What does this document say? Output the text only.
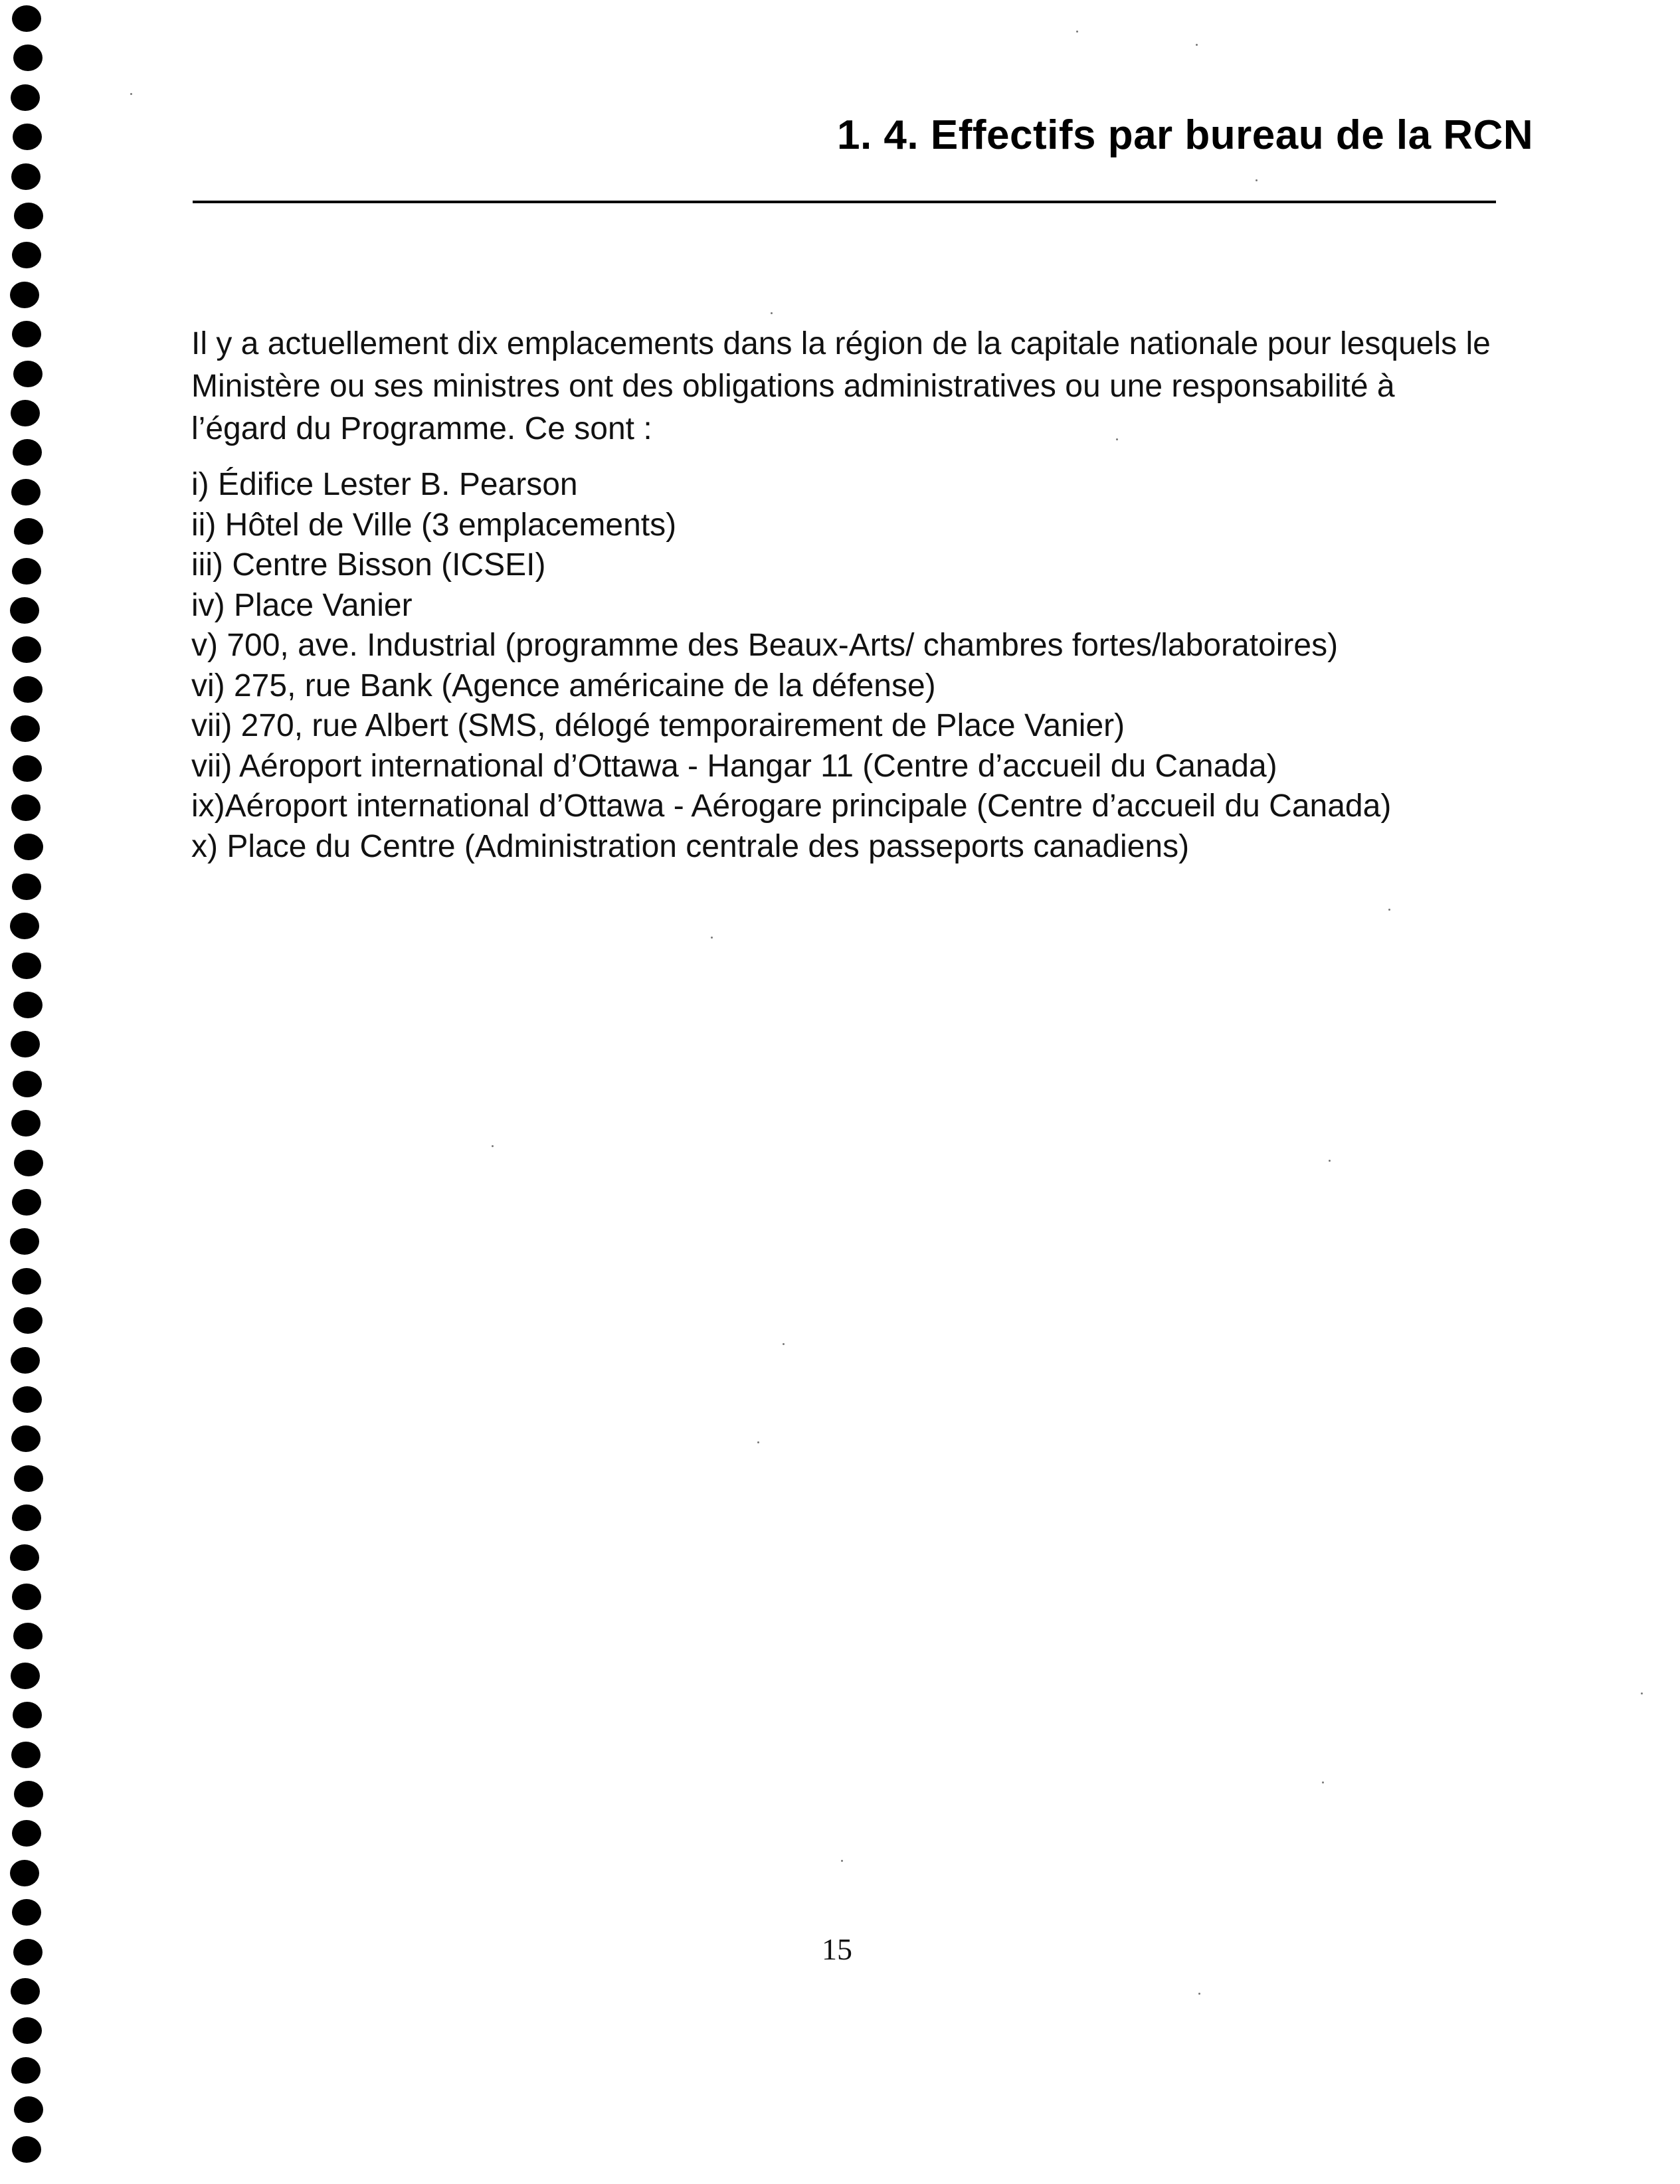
1. 4. Effectifs par bureau de la RCN

Il y a actuellement dix emplacements dans la région de la capitale nationale pour lesquels le Ministère ou ses ministres ont des obligations administratives ou une responsabilité à l’égard du Programme. Ce sont :

i) Édifice Lester B. Pearson
ii) Hôtel de Ville (3 emplacements)
iii) Centre Bisson (ICSEI)
iv) Place Vanier
v) 700, ave. Industrial (programme des Beaux-Arts/ chambres fortes/laboratoires)
vi) 275, rue Bank (Agence américaine de la défense)
vii) 270, rue Albert (SMS, délogé temporairement de Place Vanier)
vii) Aéroport international d’Ottawa - Hangar 11 (Centre d’accueil du Canada)
ix)Aéroport international d’Ottawa - Aérogare principale (Centre d’accueil du Canada)
x) Place du Centre (Administration centrale des passeports canadiens)
15
